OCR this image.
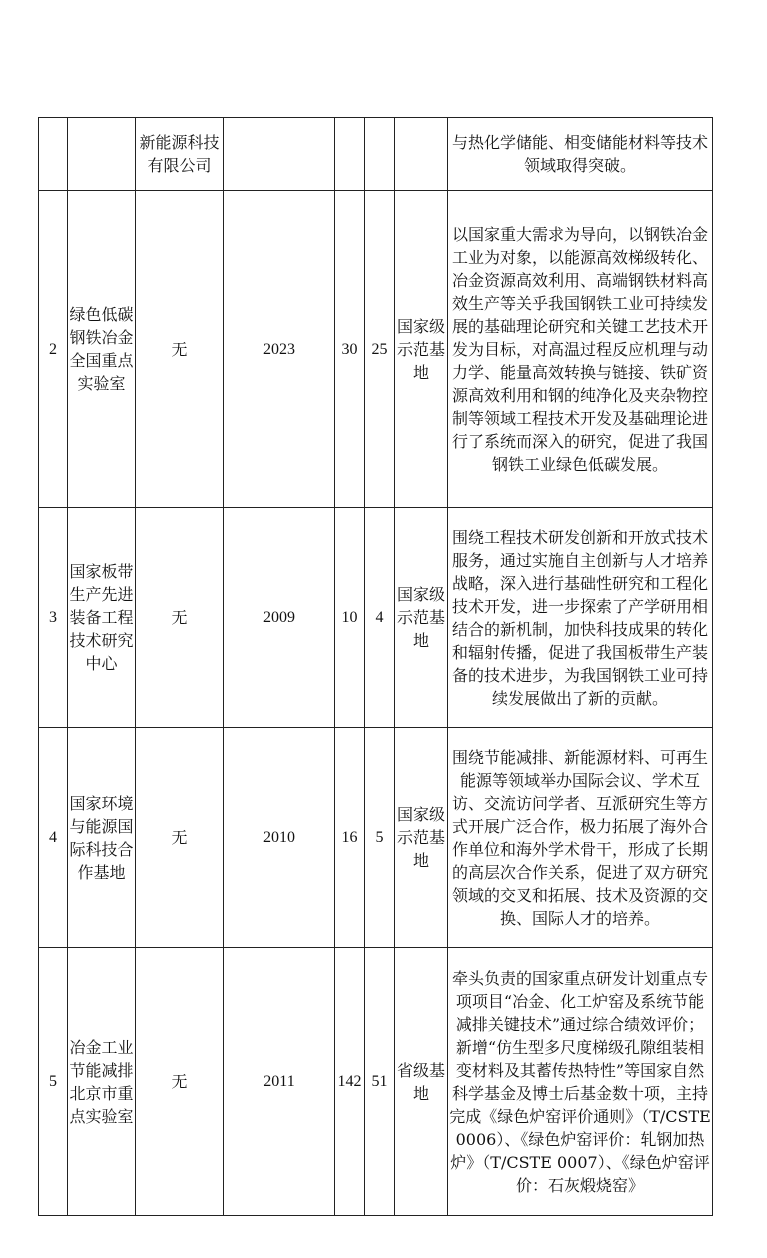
		新能源科技有限公司					与热化学储能、相变储能材料等技术领域取得突破。
2	绿色低碳钢铁冶金全国重点实验室	无	2023	30	25	国家级示范基地	以国家重大需求为导向，以钢铁冶金工业为对象，以能源高效梯级转化、冶金资源高效利用、高端钢铁材料高效生产等关乎我国钢铁工业可持续发展的基础理论研究和关键工艺技术开发为目标，对高温过程反应机理与动力学、能量高效转换与链接、铁矿资源高效利用和钢的纯净化及夹杂物控制等领域工程技术开发及基础理论进行了系统而深入的研究，促进了我国钢铁工业绿色低碳发展。
3	国家板带生产先进装备工程技术研究中心	无	2009	10	4	国家级示范基地	围绕工程技术研发创新和开放式技术服务，通过实施自主创新与人才培养战略，深入进行基础性研究和工程化技术开发，进一步探索了产学研用相结合的新机制，加快科技成果的转化和辐射传播，促进了我国板带生产装备的技术进步，为我国钢铁工业可持续发展做出了新的贡献。
4	国家环境与能源国际科技合作基地	无	2010	16	5	国家级示范基地	围绕节能减排、新能源材料、可再生能源等领域举办国际会议、学术互访、交流访问学者、互派研究生等方式开展广泛合作，极力拓展了海外合作单位和海外学术骨干，形成了长期的高层次合作关系，促进了双方研究领域的交叉和拓展、技术及资源的交换、国际人才的培养。
5	冶金工业节能减排北京市重点实验室	无	2011	142	51	省级基地	牵头负责的国家重点研发计划重点专项项目“冶金、化工炉窑及系统节能减排关键技术”通过综合绩效评价；新增“仿生型多尺度梯级孔隙组装相变材料及其蓄传热特性”等国家自然科学基金及博士后基金数十项，主持完成《绿色炉窑评价通则》（T/CSTE 0006）、《绿色炉窑评价：轧钢加热炉》（T/CSTE 0007）、《绿色炉窑评价：石灰煅烧窑》
